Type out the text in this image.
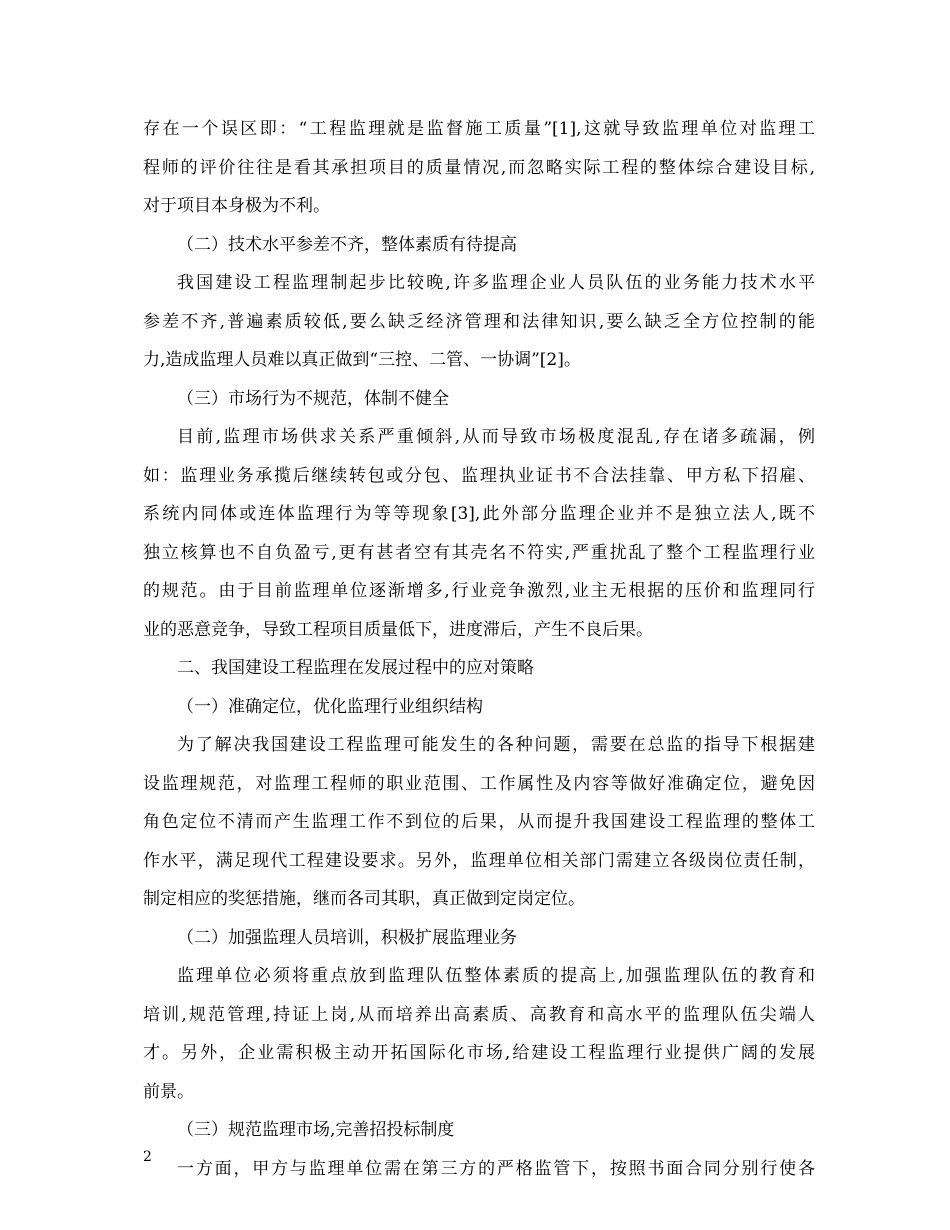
存在一个误区即：“工程监理就是监督施工质量”[1],这就导致监理单位对监理工
程师的评价往往是看其承担项目的质量情况,而忽略实际工程的整体综合建设目标,
对于项目本身极为不利。
（二）技术水平参差不齐，整体素质有待提高
我国建设工程监理制起步比较晚,许多监理企业人员队伍的业务能力技术水平
参差不齐,普遍素质较低,要么缺乏经济管理和法律知识,要么缺乏全方位控制的能
力,造成监理人员难以真正做到“三控、二管、一协调”[2]。
（三）市场行为不规范，体制不健全
目前,监理市场供求关系严重倾斜,从而导致市场极度混乱,存在诸多疏漏，例
如：监理业务承揽后继续转包或分包、监理执业证书不合法挂靠、甲方私下招雇、
系统内同体或连体监理行为等等现象[3],此外部分监理企业并不是独立法人,既不
独立核算也不自负盈亏,更有甚者空有其壳名不符实,严重扰乱了整个工程监理行业
的规范。由于目前监理单位逐渐增多,行业竞争激烈,业主无根据的压价和监理同行
业的恶意竞争，导致工程项目质量低下，进度滞后，产生不良后果。
二、我国建设工程监理在发展过程中的应对策略
（一）准确定位，优化监理行业组织结构
为了解决我国建设工程监理可能发生的各种问题，需要在总监的指导下根据建
设监理规范，对监理工程师的职业范围、工作属性及内容等做好准确定位，避免因
角色定位不清而产生监理工作不到位的后果，从而提升我国建设工程监理的整体工
作水平，满足现代工程建设要求。另外，监理单位相关部门需建立各级岗位责任制，
制定相应的奖惩措施，继而各司其职，真正做到定岗定位。
（二）加强监理人员培训，积极扩展监理业务
监理单位必须将重点放到监理队伍整体素质的提高上,加强监理队伍的教育和
培训,规范管理,持证上岗,从而培养出高素质、高教育和高水平的监理队伍尖端人
才。另外，企业需积极主动开拓国际化市场,给建设工程监理行业提供广阔的发展
前景。
（三）规范监理市场,完善招投标制度
一方面，甲方与监理单位需在第三方的严格监管下，按照书面合同分别行使各
2
